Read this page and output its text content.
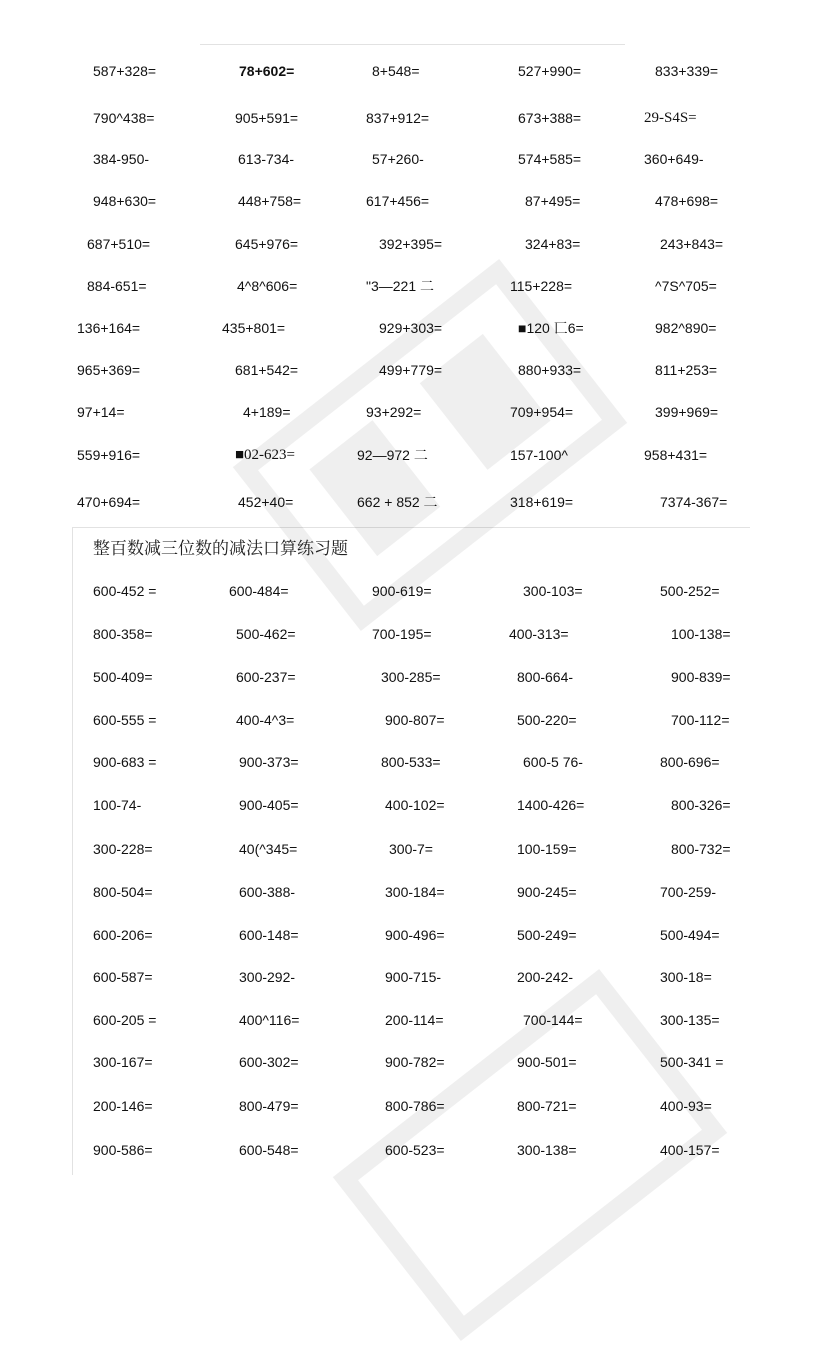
587+328=	78+602=	8+548=	527+990=	833+339=
790^438=	905+591=	837+912=	673+388=	29-S4S=
384-950-	613-734-	57+260-	574+585=	360+649-
948+630=	448+758=	617+456=	87+495=	478+698=
687+510=	645+976=	392+395=	324+83=	243+843=
884-651=	4^8^606=	"3—221 二	115+228=	^7S^705=
136+164=	435+801=	929+303=	■120 匸6=	982^890=
965+369=	681+542=	499+779=	880+933=	811+253=
97+14=	4+189=	93+292=	709+954=	399+969=
559+916=	■02-623=	92—972 二	157-100^	958+431=
470+694=	452+40=	662 + 852 二	318+619=	7374-367=
整百数减三位数的减法口算练习题
600-452 =	600-484=	900-619=	300-103=	500-252=
800-358=	500-462=	700-195=	400-313=	100-138=
500-409=	600-237=	300-285=	800-664-	900-839=
600-555 =	400-4^3=	900-807=	500-220=	700-112=
900-683 =	900-373=	800-533=	600-5 76-	800-696=
100-74-	900-405=	400-102=	1400-426=	800-326=
300-228=	40(^345=	300-7=	100-159=	800-732=
800-504=	600-388-	300-184=	900-245=	700-259-
600-206=	600-148=	900-496=	500-249=	500-494=
600-587=	300-292-	900-715-	200-242-	300-18=
600-205 =	400^116=	200-114=	700-144=	300-135=
300-167=	600-302=	900-782=	900-501=	500-341 =
200-146=	800-479=	800-786=	800-721=	400-93=
900-586=	600-548=	600-523=	300-138=	400-157=
